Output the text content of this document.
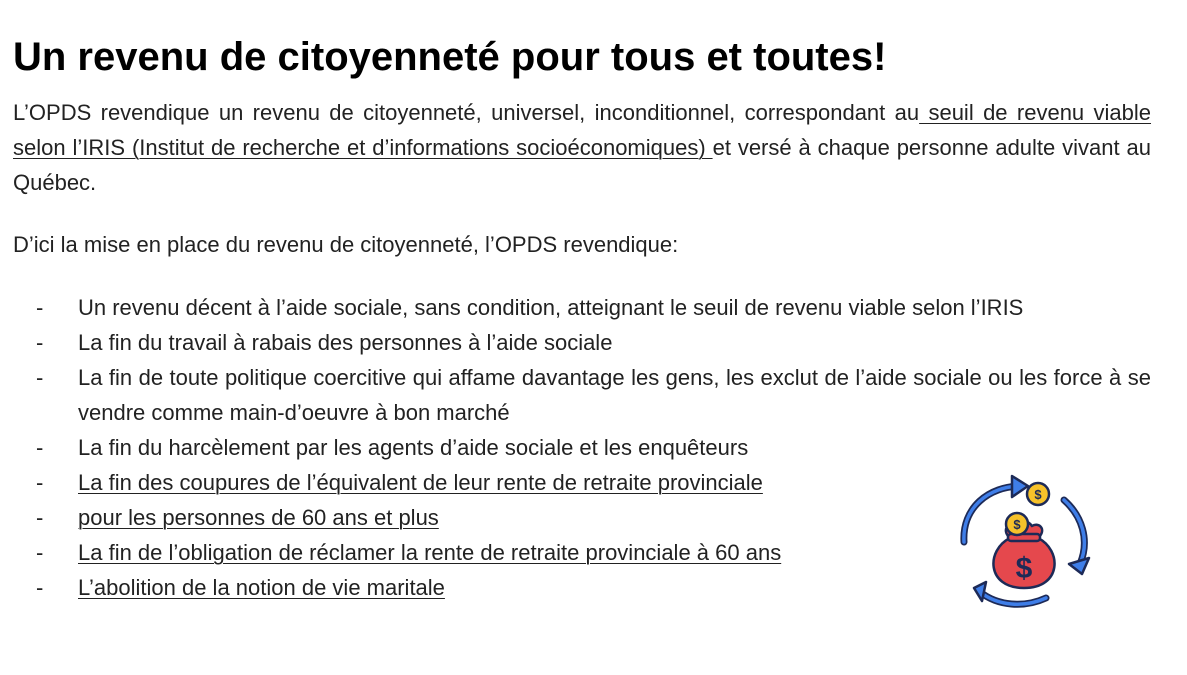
Un revenu de citoyenneté pour tous et toutes!

L’OPDS revendique un revenu de citoyenneté, universel, inconditionnel, correspondant au seuil de revenu viable selon l’IRIS (Institut de recherche et d’informations socioéconomiques) et versé à chaque personne adulte vivant au Québec.

D’ici la mise en place du revenu de citoyenneté, l’OPDS revendique:

- Un revenu décent à l’aide sociale, sans condition, atteignant le seuil de revenu viable selon l’IRIS
- La fin du travail à rabais des personnes à l’aide sociale
- La fin de toute politique coercitive qui affame davantage les gens, les exclut de l’aide sociale ou les force à se vendre comme main-d’oeuvre à bon marché
- La fin du harcèlement par les agents d’aide sociale et les enquêteurs
- La fin des coupures de l’équivalent de leur rente de retraite provinciale
- pour les personnes de 60 ans et plus
- La fin de l’obligation de réclamer la rente de retraite provinciale à 60 ans
- L’abolition de la notion de vie maritale
$
$
$
